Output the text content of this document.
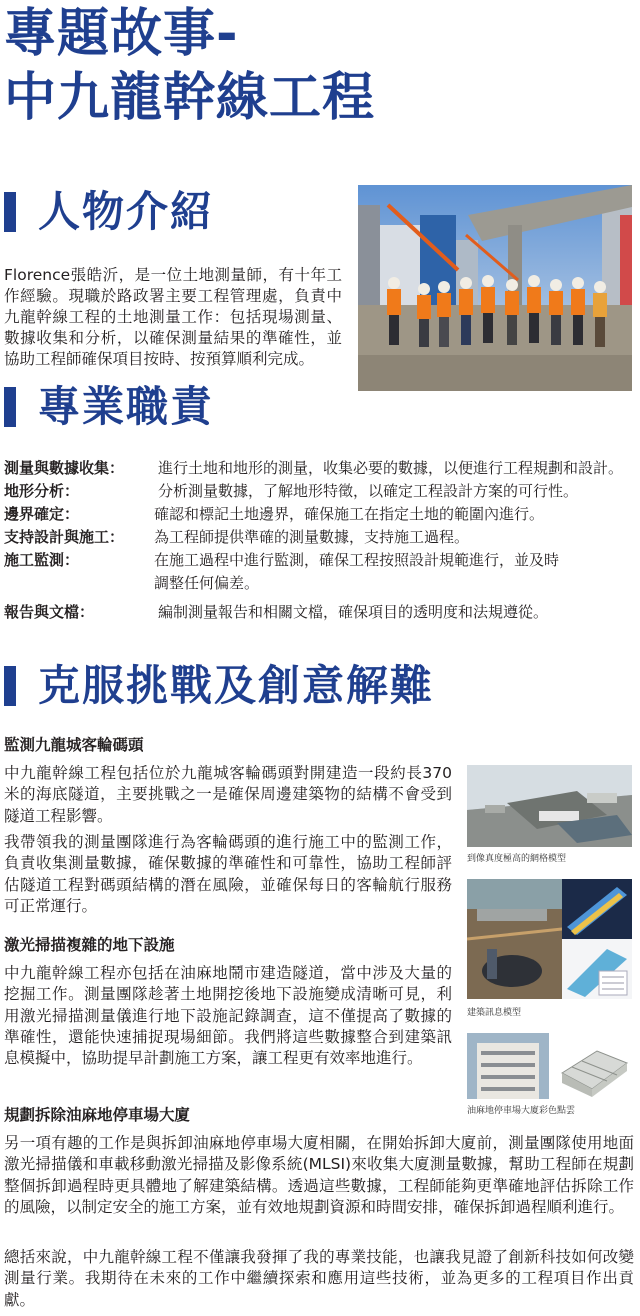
專題故事-
中九龍幹線工程
人物介紹
Florence張皓沂，是一位土地測量師，有十年工作經驗。現職於路政署主要工程管理處，負責中九龍幹線工程的土地測量工作：包括現場測量、數據收集和分析，以確保測量結果的準確性，並協助工程師確保項目按時、按預算順利完成。
專業職責
測量與數據收集：	進行土地和地形的測量，收集必要的數據，以便進行工程規劃和設計。
地形分析：	分析測量數據，了解地形特徵，以確定工程設計方案的可行性。
邊界確定：	確認和標記土地邊界，確保施工在指定土地的範圍內進行。
支持設計與施工：	為工程師提供準確的測量數據，支持施工過程。
施工監測：	在施工過程中進行監測，確保工程按照設計規範進行，並及時
調整任何偏差。
報告與文檔：	編制測量報告和相關文檔，確保項目的透明度和法規遵從。
克服挑戰及創意解難
監測九龍城客輪碼頭
中九龍幹線工程包括位於九龍城客輪碼頭對開建造一段約長370米的海底隧道，主要挑戰之一是確保周邊建築物的結構不會受到隧道工程影響。
我帶領我的測量團隊進行為客輪碼頭的進行施工中的監測工作，負責收集測量數據，確保數據的準確性和可靠性，協助工程師評估隧道工程對碼頭結構的潛在風險，並確保每日的客輪航行服務可正常運行。
激光掃描複雜的地下設施
中九龍幹線工程亦包括在油麻地鬧市建造隧道，當中涉及大量的挖掘工作。測量團隊趁著土地開挖後地下設施變成清晰可見，利用激光掃描測量儀進行地下設施記錄調查，這不僅提高了數據的準確性，還能快速捕捉現場細節。我們將這些數據整合到建築訊息模擬中，協助提早計劃施工方案，讓工程更有效率地進行。
規劃拆除油麻地停車場大廈
另一項有趣的工作是與拆卸油麻地停車場大廈相關，在開始拆卸大廈前，測量團隊使用地面激光掃描儀和車載移動激光掃描及影像系統(MLSI)來收集大廈測量數據，幫助工程師在規劃整個拆卸過程時更具體地了解建築結構。透過這些數據，工程師能夠更準確地評估拆除工作的風險，以制定安全的施工方案，並有效地規劃資源和時間安排，確保拆卸過程順利進行。
總括來說，中九龍幹線工程不僅讓我發揮了我的專業技能，也讓我見證了創新科技如何改變測量行業。我期待在未來的工作中繼續探索和應用這些技術，並為更多的工程項目作出貢獻。
到像真度極高的網格模型
建築訊息模型
油麻地停車場大廈彩色點雲
